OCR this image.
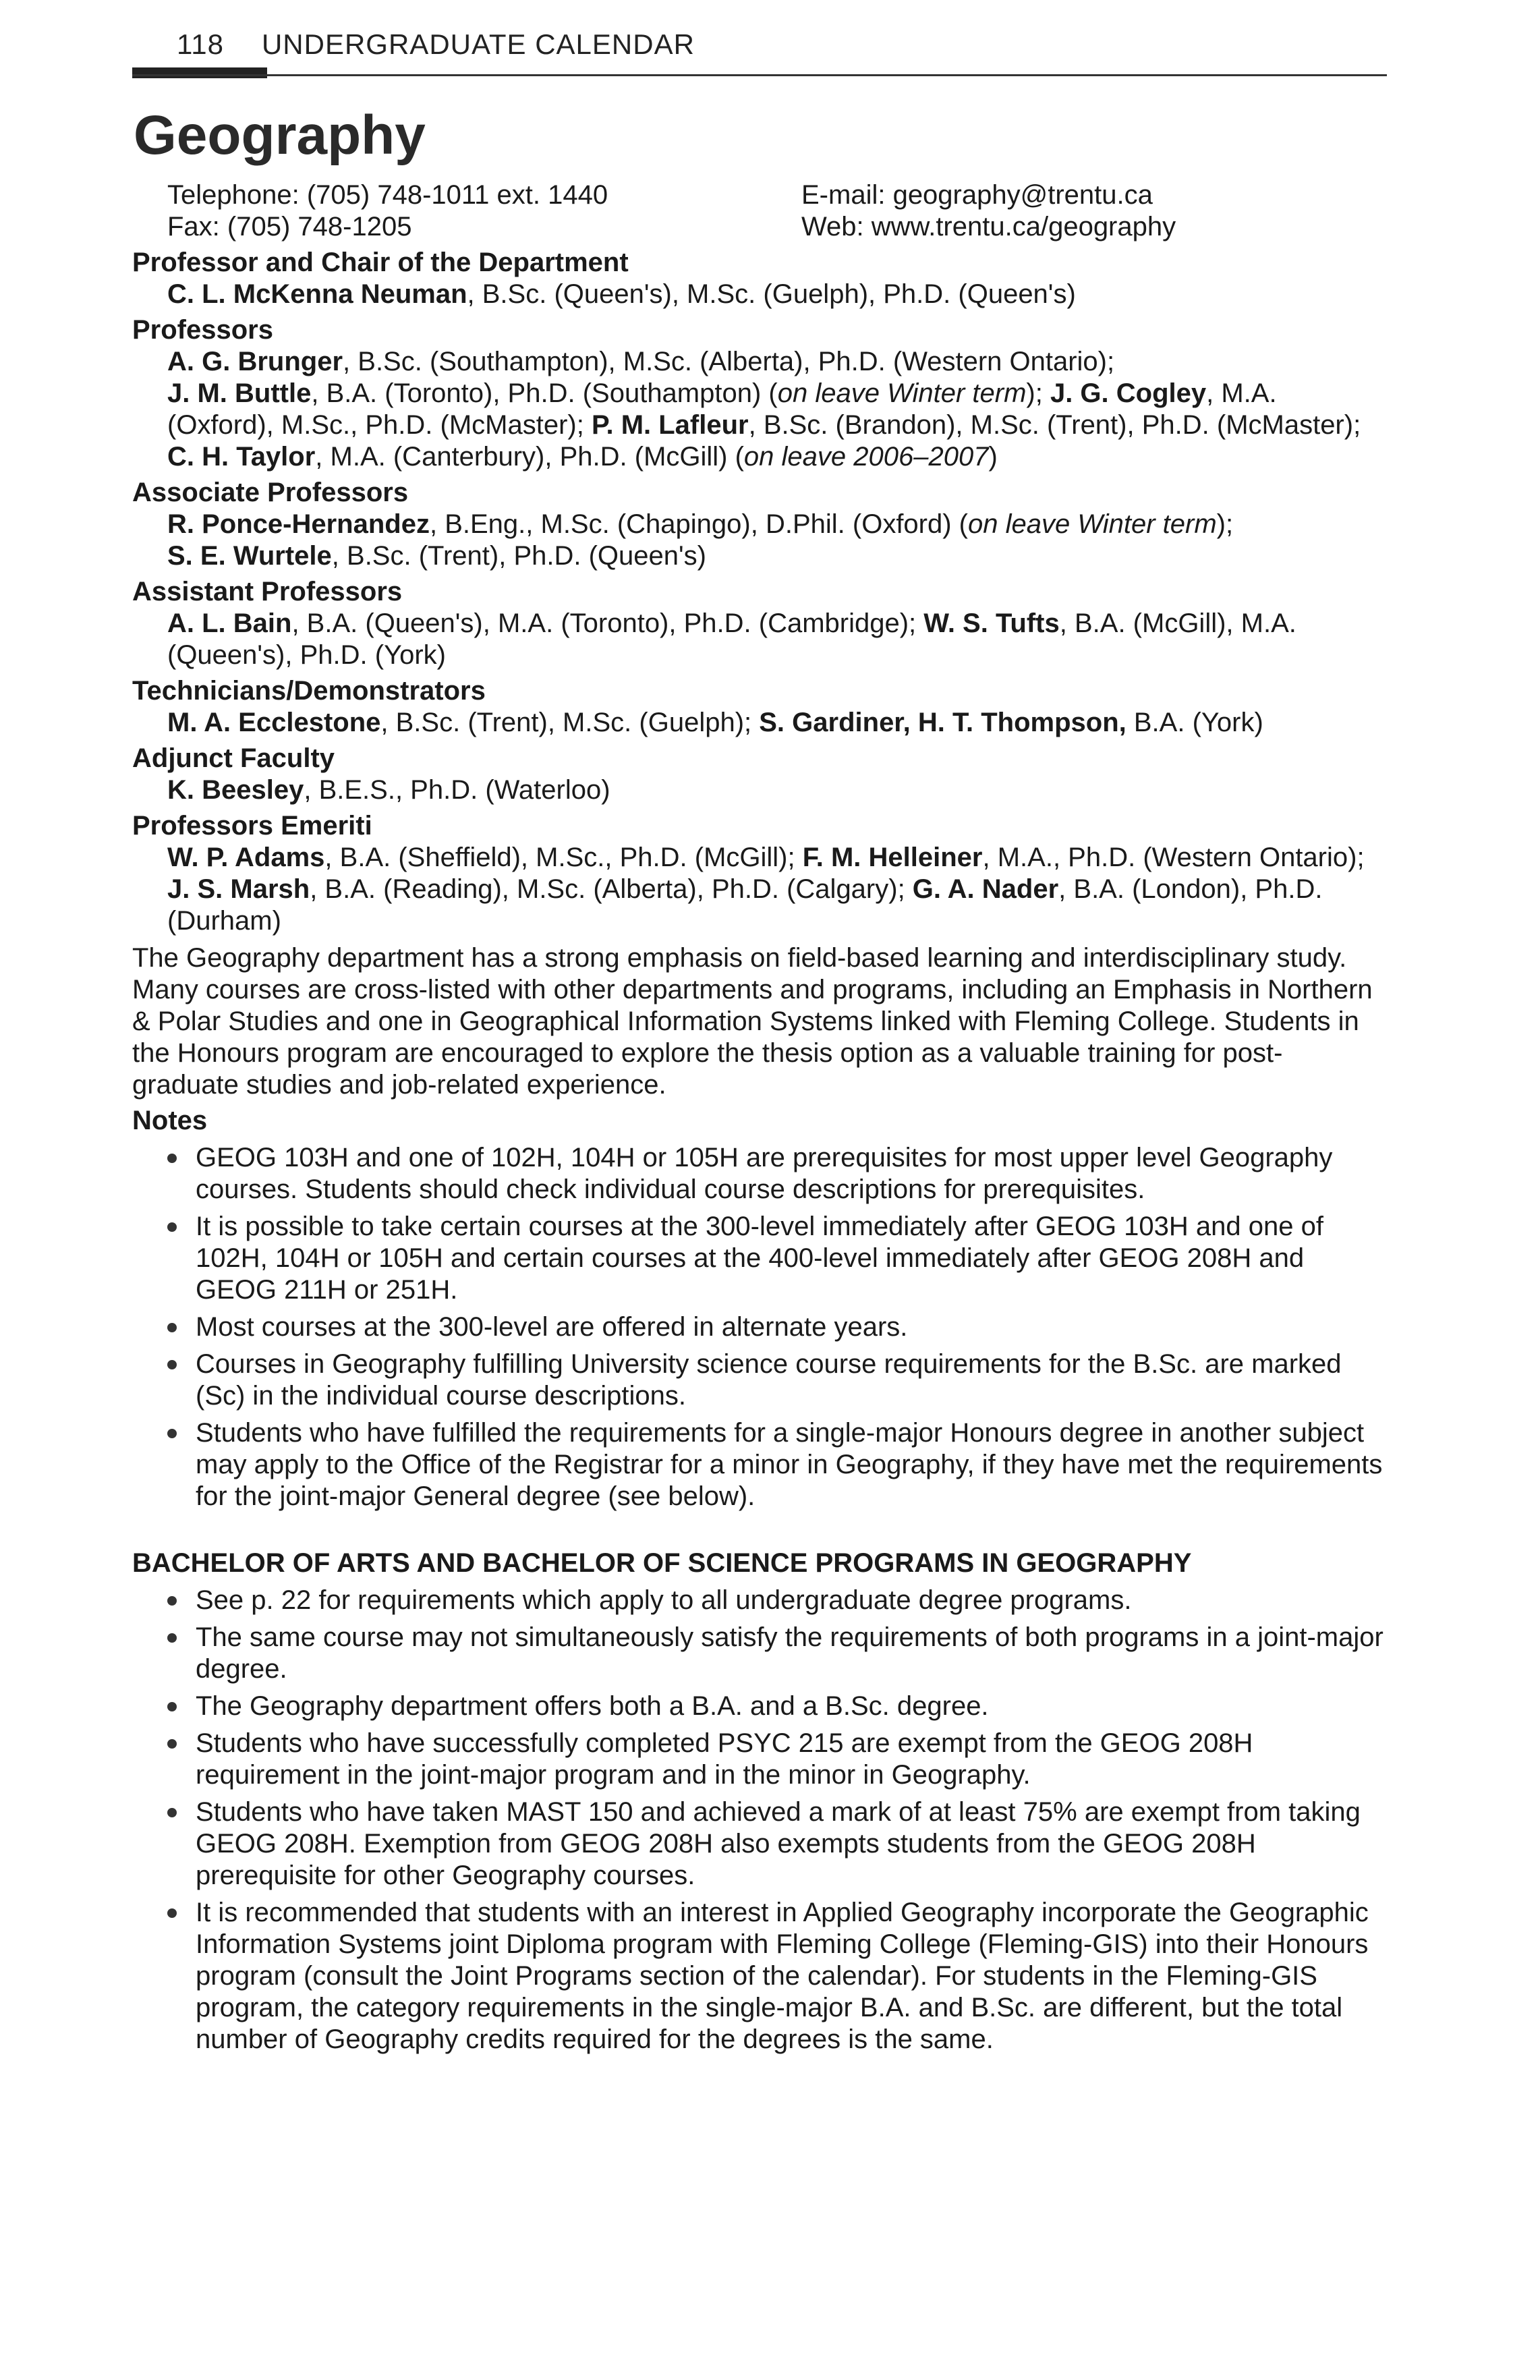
118 UNDERGRADUATE CALENDAR
Geography
Telephone: (705) 748-1011 ext. 1440
Fax: (705) 748-1205
E-mail: geography@trentu.ca
Web: www.trentu.ca/geography
Professor and Chair of the Department
C. L. McKenna Neuman, B.Sc. (Queen's), M.Sc. (Guelph), Ph.D. (Queen's)
Professors
A. G. Brunger, B.Sc. (Southampton), M.Sc. (Alberta), Ph.D. (Western Ontario);
J. M. Buttle, B.A. (Toronto), Ph.D. (Southampton) (on leave Winter term); J. G. Cogley, M.A. (Oxford), M.Sc., Ph.D. (McMaster); P. M. Lafleur, B.Sc. (Brandon), M.Sc. (Trent), Ph.D. (McMaster); C. H. Taylor, M.A. (Canterbury), Ph.D. (McGill) (on leave 2006–2007)
Associate Professors
R. Ponce-Hernandez, B.Eng., M.Sc. (Chapingo), D.Phil. (Oxford) (on leave Winter term);
S. E. Wurtele, B.Sc. (Trent), Ph.D. (Queen's)
Assistant Professors
A. L. Bain, B.A. (Queen's), M.A. (Toronto), Ph.D. (Cambridge); W. S. Tufts, B.A. (McGill), M.A. (Queen's), Ph.D. (York)
Technicians/Demonstrators
M. A. Ecclestone, B.Sc. (Trent), M.Sc. (Guelph); S. Gardiner, H. T. Thompson, B.A. (York)
Adjunct Faculty
K. Beesley, B.E.S., Ph.D. (Waterloo)
Professors Emeriti
W. P. Adams, B.A. (Sheffield), M.Sc., Ph.D. (McGill); F. M. Helleiner, M.A., Ph.D. (Western Ontario); J. S. Marsh, B.A. (Reading), M.Sc. (Alberta), Ph.D. (Calgary); G. A. Nader, B.A. (London), Ph.D. (Durham)
The Geography department has a strong emphasis on field-based learning and interdisciplinary study. Many courses are cross-listed with other departments and programs, including an Emphasis in Northern & Polar Studies and one in Geographical Information Systems linked with Fleming College. Students in the Honours program are encouraged to explore the thesis option as a valuable training for post-graduate studies and job-related experience.
Notes
GEOG 103H and one of 102H, 104H or 105H are prerequisites for most upper level Geography courses. Students should check individual course descriptions for prerequisites.
It is possible to take certain courses at the 300-level immediately after GEOG 103H and one of 102H, 104H or 105H and certain courses at the 400-level immediately after GEOG 208H and GEOG 211H or 251H.
Most courses at the 300-level are offered in alternate years.
Courses in Geography fulfilling University science course requirements for the B.Sc. are marked (Sc) in the individual course descriptions.
Students who have fulfilled the requirements for a single-major Honours degree in another subject may apply to the Office of the Registrar for a minor in Geography, if they have met the requirements for the joint-major General degree (see below).
BACHELOR OF ARTS AND BACHELOR OF SCIENCE PROGRAMS IN GEOGRAPHY
See p. 22 for requirements which apply to all undergraduate degree programs.
The same course may not simultaneously satisfy the requirements of both programs in a joint-major degree.
The Geography department offers both a B.A. and a B.Sc. degree.
Students who have successfully completed PSYC 215 are exempt from the GEOG 208H requirement in the joint-major program and in the minor in Geography.
Students who have taken MAST 150 and achieved a mark of at least 75% are exempt from taking GEOG 208H. Exemption from GEOG 208H also exempts students from the GEOG 208H prerequisite for other Geography courses.
It is recommended that students with an interest in Applied Geography incorporate the Geographic Information Systems joint Diploma program with Fleming College (Fleming-GIS) into their Honours program (consult the Joint Programs section of the calendar). For students in the Fleming-GIS program, the category requirements in the single-major B.A. and B.Sc. are different, but the total number of Geography credits required for the degrees is the same.
